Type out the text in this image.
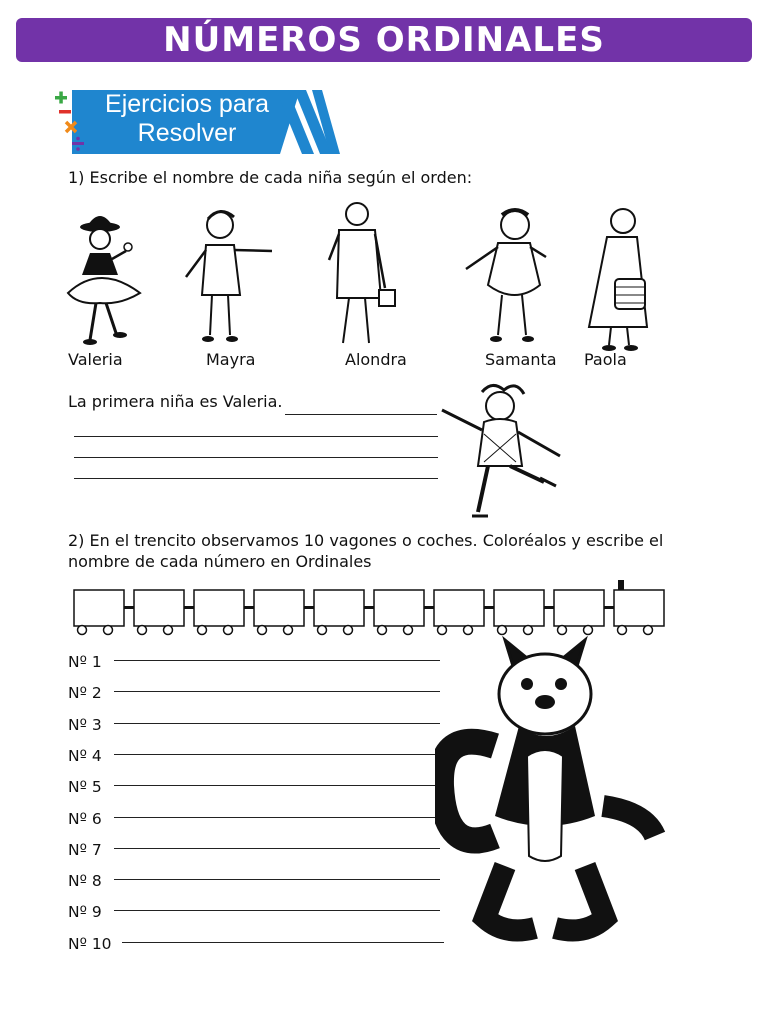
NÚMEROS ORDINALES
Ejercicios para
Resolver
1) Escribe el nombre de cada niña según el orden:
Valeria	Mayra	Alondra	Samanta Paola
La primera niña es Valeria.
2) En el trencito observamos 10 vagones o coches. Coloréalos y escribe el
nombre de cada número en Ordinales
Nº 1
Nº 2
Nº 3
Nº 4
Nº 5
Nº 6
Nº 7
Nº 8
Nº 9
Nº 10
